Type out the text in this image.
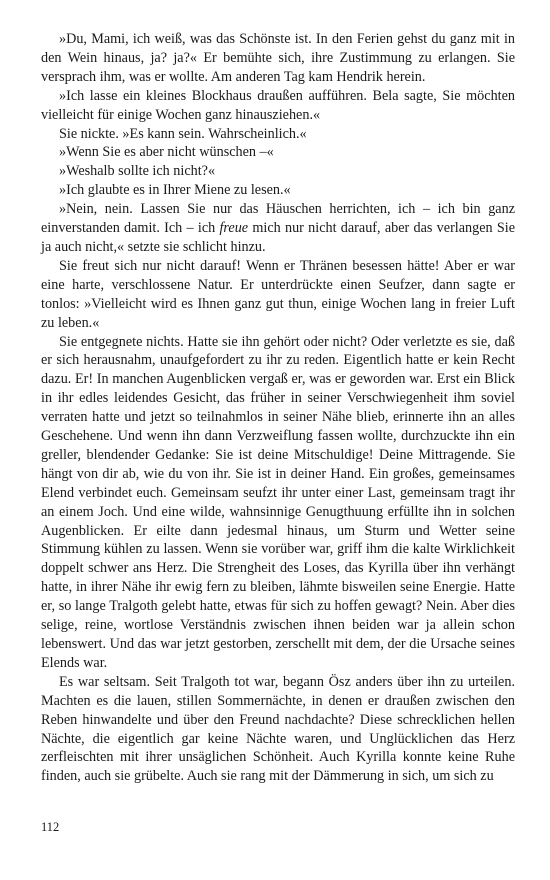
»Du, Mami, ich weiß, was das Schönste ist. In den Ferien gehst du ganz mit in den Wein hinaus, ja? ja?« Er bemühte sich, ihre Zustimmung zu erlangen. Sie versprach ihm, was er wollte. Am anderen Tag kam Hendrik herein.

»Ich lasse ein kleines Blockhaus draußen aufführen. Bela sagte, Sie möchten vielleicht für einige Wochen ganz hinausziehen.«

Sie nickte. »Es kann sein. Wahrscheinlich.«

»Wenn Sie es aber nicht wünschen –«

»Weshalb sollte ich nicht?«

»Ich glaubte es in Ihrer Miene zu lesen.«

»Nein, nein. Lassen Sie nur das Häuschen herrichten, ich – ich bin ganz einverstanden damit. Ich – ich freue mich nur nicht darauf, aber das verlangen Sie ja auch nicht,« setzte sie schlicht hinzu.

Sie freut sich nur nicht darauf! Wenn er Thränen besessen hätte! Aber er war eine harte, verschlossene Natur. Er unterdrückte einen Seufzer, dann sagte er tonlos: »Vielleicht wird es Ihnen ganz gut thun, einige Wochen lang in freier Luft zu leben.«

Sie entgegnete nichts. Hatte sie ihn gehört oder nicht? Oder verletzte es sie, daß er sich herausnahm, unaufgefordert zu ihr zu reden. Eigentlich hatte er kein Recht dazu. Er! In manchen Augenblicken vergaß er, was er geworden war. Erst ein Blick in ihr edles leidendes Gesicht, das früher in seiner Verschwiegenheit ihm soviel verraten hatte und jetzt so teilnahmlos in seiner Nähe blieb, erinnerte ihn an alles Geschehene. Und wenn ihn dann Verzweiflung fassen wollte, durchzuckte ihn ein greller, blendender Gedanke: Sie ist deine Mitschuldige! Deine Mittragende. Sie hängt von dir ab, wie du von ihr. Sie ist in deiner Hand. Ein großes, gemeinsames Elend verbindet euch. Gemeinsam seufzt ihr unter einer Last, gemeinsam tragt ihr an einem Joch. Und eine wilde, wahnsinnige Genugthuung erfüllte ihn in solchen Augenblicken. Er eilte dann jedesmal hinaus, um Sturm und Wetter seine Stimmung kühlen zu lassen. Wenn sie vorüber war, griff ihm die kalte Wirklichkeit doppelt schwer ans Herz. Die Strengheit des Loses, das Kyrilla über ihn verhängt hatte, in ihrer Nähe ihr ewig fern zu bleiben, lähmte bisweilen seine Energie. Hatte er, so lange Tralgoth gelebt hatte, etwas für sich zu hoffen gewagt? Nein. Aber dies selige, reine, wortlose Verständnis zwischen ihnen beiden war ja allein schon lebenswert. Und das war jetzt gestorben, zerschellt mit dem, der die Ursache seines Elends war.

Es war seltsam. Seit Tralgoth tot war, begann Ösz anders über ihn zu urteilen. Machten es die lauen, stillen Sommernächte, in denen er draußen zwischen den Reben hinwandelte und über den Freund nachdachte? Diese schrecklichen hellen Nächte, die eigentlich gar keine Nächte waren, und Unglücklichen das Herz zerfleischten mit ihrer unsäglichen Schönheit. Auch Kyrilla konnte keine Ruhe finden, auch sie grübelte. Auch sie rang mit der Dämmerung in sich, um sich zu

112
